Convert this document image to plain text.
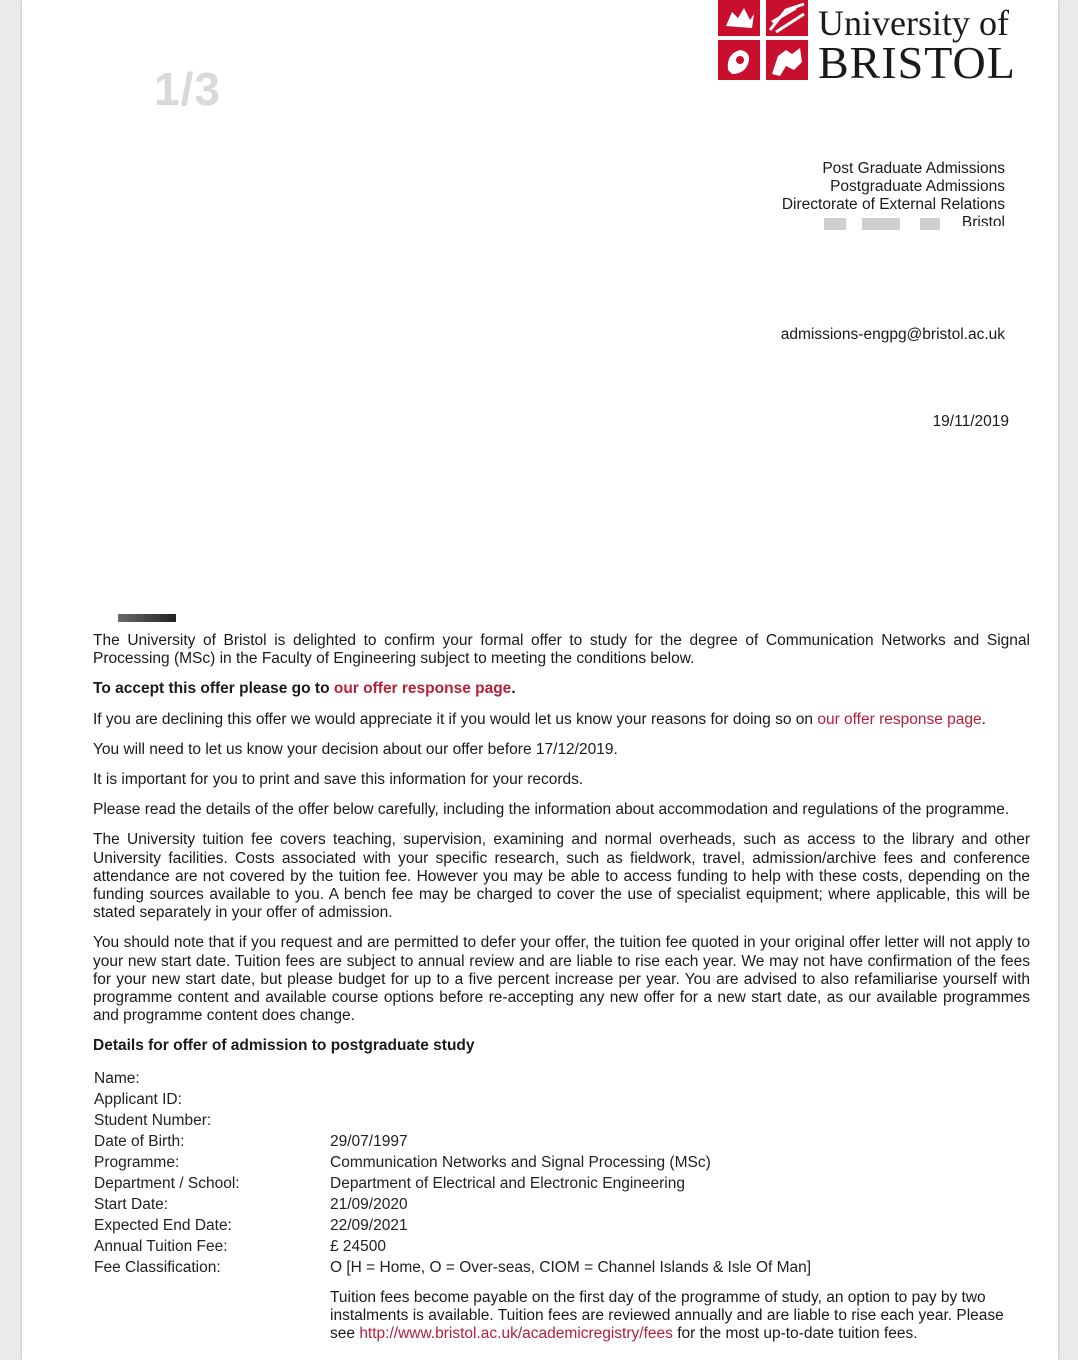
1/3
University of
BRISTOL
Post Graduate Admissions
Postgraduate Admissions
Directorate of External Relations
Bristol
admissions-engpg@bristol.ac.uk
19/11/2019

The University of Bristol is delighted to confirm your formal offer to study for the degree of Communication Networks and Signal Processing (MSc) in the Faculty of Engineering subject to meeting the conditions below.

To accept this offer please go to our offer response page.

If you are declining this offer we would appreciate it if you would let us know your reasons for doing so on our offer response page.

You will need to let us know your decision about our offer before 17/12/2019.

It is important for you to print and save this information for your records.

Please read the details of the offer below carefully, including the information about accommodation and regulations of the programme.

The University tuition fee covers teaching, supervision, examining and normal overheads, such as access to the library and other University facilities. Costs associated with your specific research, such as fieldwork, travel, admission/archive fees and conference attendance are not covered by the tuition fee. However you may be able to access funding to help with these costs, depending on the funding sources available to you. A bench fee may be charged to cover the use of specialist equipment; where applicable, this will be stated separately in your offer of admission.

You should note that if you request and are permitted to defer your offer, the tuition fee quoted in your original offer letter will not apply to your new start date. Tuition fees are subject to annual review and are liable to rise each year. We may not have confirmation of the fees for your new start date, but please budget for up to a five percent increase per year. You are advised to also refamiliarise yourself with programme content and available course options before re-accepting any new offer for a new start date, as our available programmes and programme content does change.

Details for offer of admission to postgraduate study
Name:	
Applicant ID:	
Student Number:	
Date of Birth:	29/07/1997
Programme:	Communication Networks and Signal Processing (MSc)
Department / School:	Department of Electrical and Electronic Engineering
Start Date:	21/09/2020
Expected End Date:	22/09/2021
Annual Tuition Fee:	£ 24500
Fee Classification:	O [H = Home, O = Over-seas, CIOM = Channel Islands & Isle Of Man]
Tuition fees become payable on the first day of the programme of study, an option to pay by two instalments is available. Tuition fees are reviewed annually and are liable to rise each year. Please see http://www.bristol.ac.uk/academicregistry/fees for the most up-to-date tuition fees.
